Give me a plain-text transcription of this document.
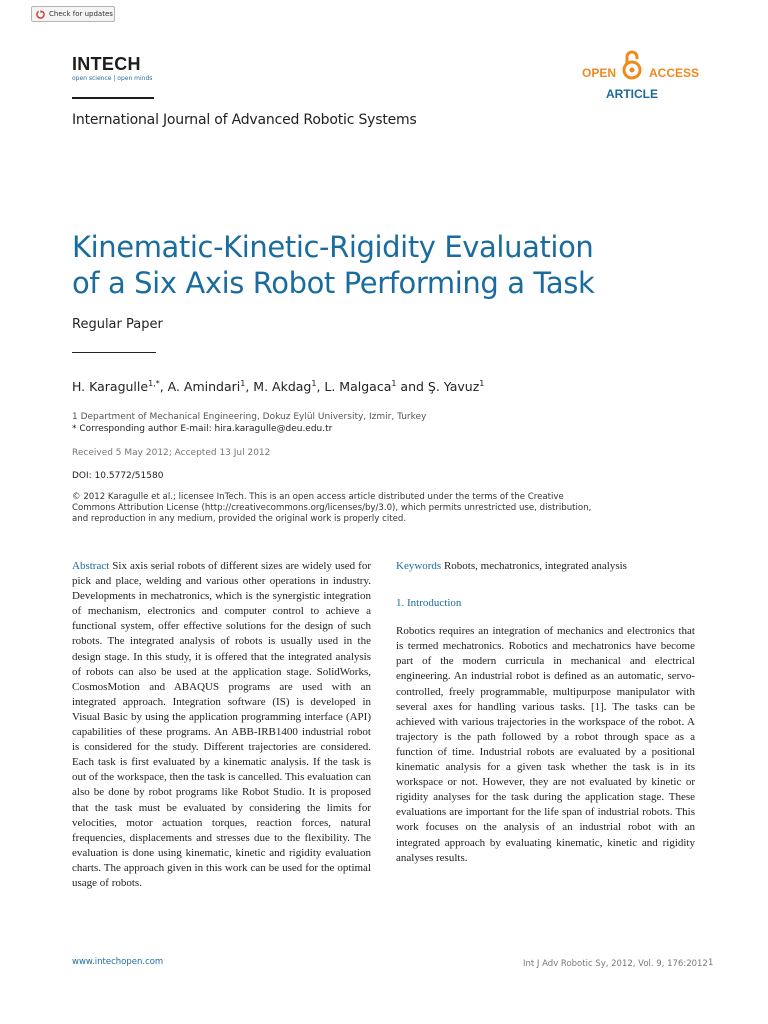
Check for updates
INTECH
open science | open minds	OPEN	ACCESS
ARTICLE
International Journal of Advanced Robotic Systems
Kinematic-Kinetic-Rigidity Evaluation
of a Six Axis Robot Performing a Task
Regular Paper
H. Karagulle$^{1,*}$, A. Amindari$^1$, M. Akdag$^1$, L. Malgaca$^1$ and Ş. Yavuz$^1$
1 Department of Mechanical Engineering, Dokuz Eylül University, Izmir, Turkey
* Corresponding author E-mail: hira.karagulle@deu.edu.tr
Received 5 May 2012; Accepted 13 Jul 2012
DOI: 10.5772/51580
© 2012 Karagulle et al.; licensee InTech. This is an open access article distributed under the terms of the Creative Commons Attribution License (http://creativecommons.org/licenses/by/3.0), which permits unrestricted use, distribution, and reproduction in any medium, provided the original work is properly cited.

Abstract Six axis serial robots of different sizes are widely used for pick and place, welding and various other operations in industry. Developments in mechatronics, which is the synergistic integration of mechanism, electronics and computer control to achieve a functional system, offer effective solutions for the design of such robots. The integrated analysis of robots is usually used in the design stage. In this study, it is offered that the integrated analysis of robots can also be used at the application stage. SolidWorks, CosmosMotion and ABAQUS programs are used with an integrated approach. Integration software (IS) is developed in Visual Basic by using the application programming interface (API) capabilities of these programs. An ABB-IRB1400 industrial robot is considered for the study. Different trajectories are considered. Each task is first evaluated by a kinematic analysis. If the task is out of the workspace, then the task is cancelled. This evaluation can also be done by robot programs like Robot Studio. It is proposed that the task must be evaluated by considering the limits for velocities, motor actuation torques, reaction forces, natural frequencies, displacements and stresses due to the flexibility. The evaluation is done using kinematic, kinetic and rigidity evaluation charts. The approach given in this work can be used for the optimal usage of robots.

Keywords Robots, mechatronics, integrated analysis

1. Introduction

Robotics requires an integration of mechanics and electronics that is termed mechatronics. Robotics and mechatronics have become part of the modern curricula in mechanical and electrical engineering. An industrial robot is defined as an automatic, servo-controlled, freely programmable, multipurpose manipulator with several axes for handling various tasks. [1]. The tasks can be achieved with various trajectories in the workspace of the robot. A trajectory is the path followed by a robot through space as a function of time. Industrial robots are evaluated by a positional kinematic analysis for a given task whether the task is in its workspace or not. However, they are not evaluated by kinetic or rigidity analyses for the task during the application stage. These evaluations are important for the life span of industrial robots. This work focuses on the analysis of an industrial robot with an integrated approach by evaluating kinematic, kinetic and rigidity analyses results.

www.intechopen.com	Int J Adv Robotic Sy, 2012, Vol. 9, 176:2012 1
